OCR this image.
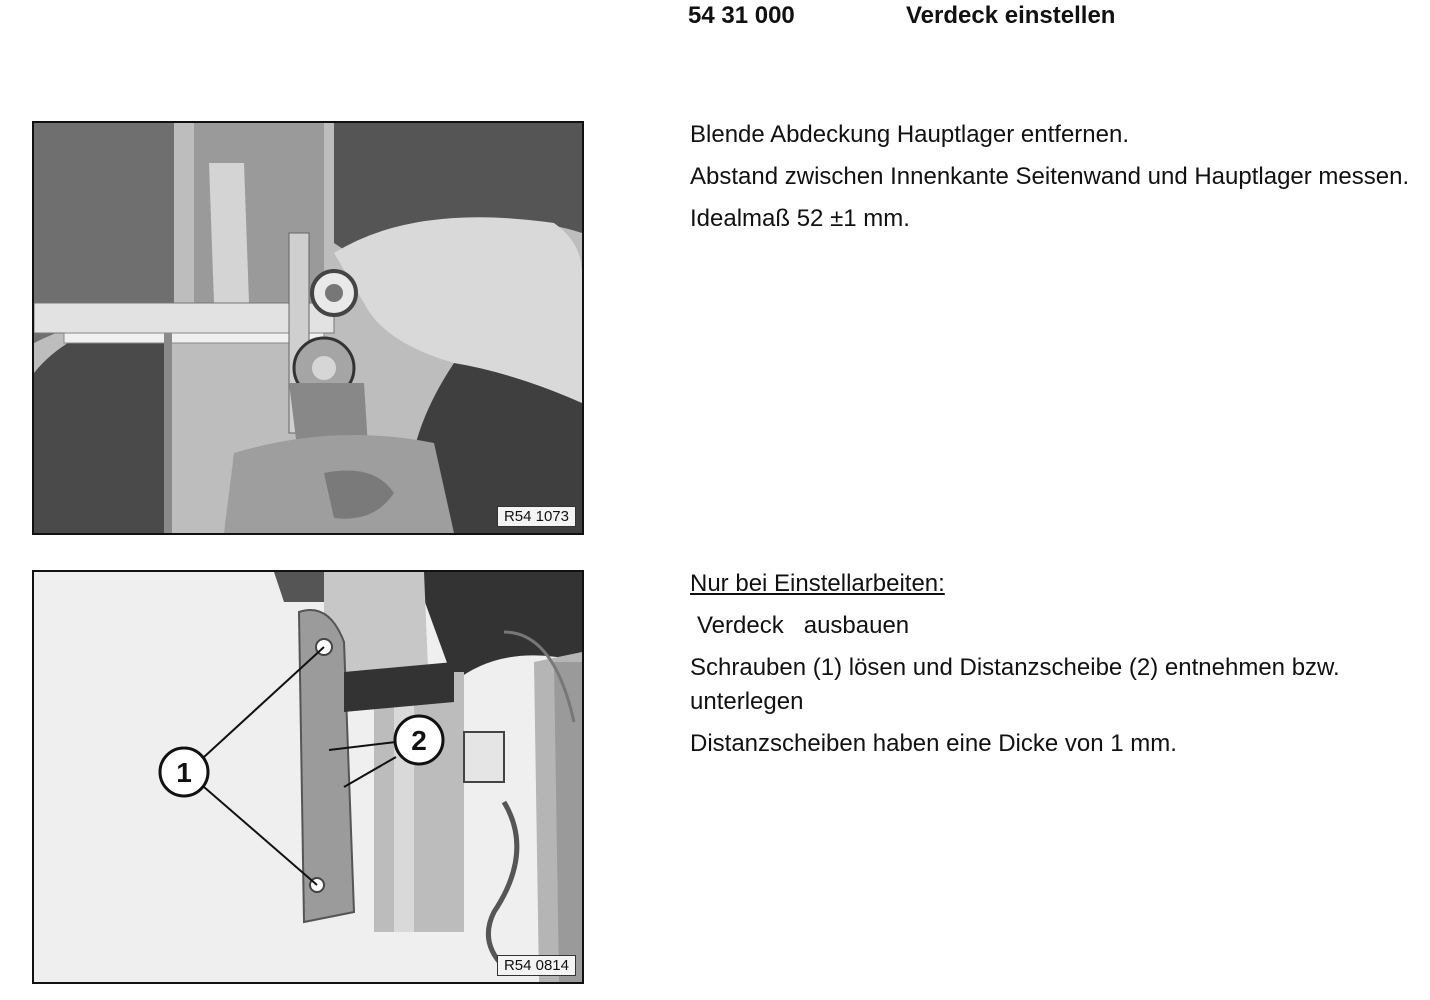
54 31 000	Verdeck einstellen
R54 1073

Blende Abdeckung Hauptlager entfernen.

Abstand zwischen Innenkante Seitenwand und Hauptlager messen.

Idealmaß 52 ±1 mm.

1
2
R54 0814

Nur bei Einstellarbeiten:

Verdeck   ausbauen

Schrauben (1) lösen und Distanzscheibe (2) entnehmen bzw. unterlegen

Distanzscheiben haben eine Dicke von 1 mm.
